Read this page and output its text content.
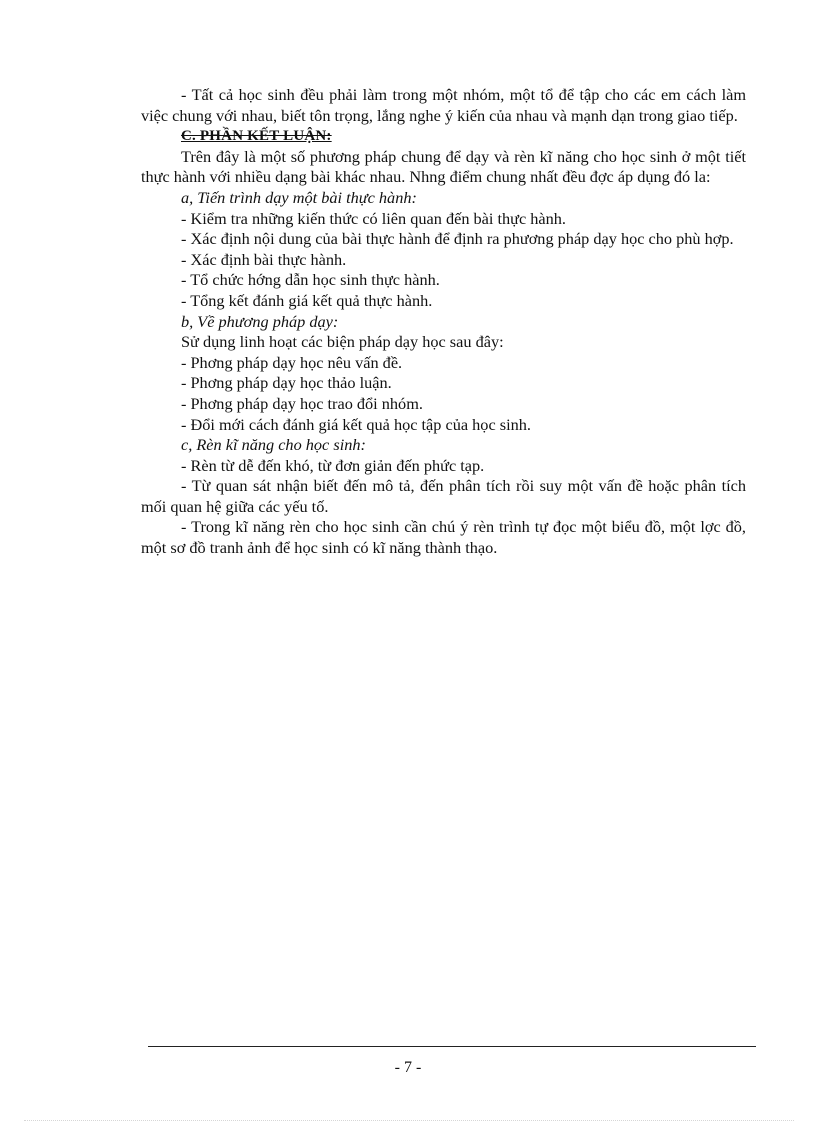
- Tất cả học sinh đều phải làm trong một nhóm, một tổ để tập cho các em cách làm việc chung với nhau, biết tôn trọng, lắng nghe ý kiến của nhau và mạnh dạn trong giao tiếp.

C. PHẦN KẾT LUẬN:

Trên đây là một số phương pháp chung để dạy và rèn kĩ năng cho học sinh ở một tiết thực hành với nhiều dạng bài khác nhau. Nhng điểm chung nhất đều đợc áp dụng đó la:

a, Tiến trình dạy một bài thực hành:

- Kiểm tra những kiến thức có liên quan đến bài thực hành.

- Xác định nội dung của bài thực hành để định ra phương pháp dạy học cho phù hợp.

- Xác định bài thực hành.

- Tổ chức hớng dẫn học sinh thực hành.

- Tổng kết đánh giá kết quả thực hành.

b, Về phương pháp dạy:

Sử dụng linh hoạt các biện pháp dạy học sau đây:

- Phơng pháp dạy học nêu vấn đề.

- Phơng pháp dạy học thảo luận.

- Phơng pháp dạy học trao đổi nhóm.

- Đổi mới cách đánh giá kết quả học tập của học sinh.

c, Rèn kĩ năng cho học sinh:

- Rèn từ dễ đến khó, từ đơn giản đến phức tạp.

- Từ quan sát nhận biết đến mô tả, đến phân tích rồi suy một vấn đề hoặc phân tích mối quan hệ giữa các yếu tố.

- Trong kĩ năng rèn cho học sinh cần chú ý rèn trình tự đọc một biểu đồ, một lợc đồ, một sơ đồ tranh ảnh để học sinh có kĩ năng thành thạo.

- 7 -
